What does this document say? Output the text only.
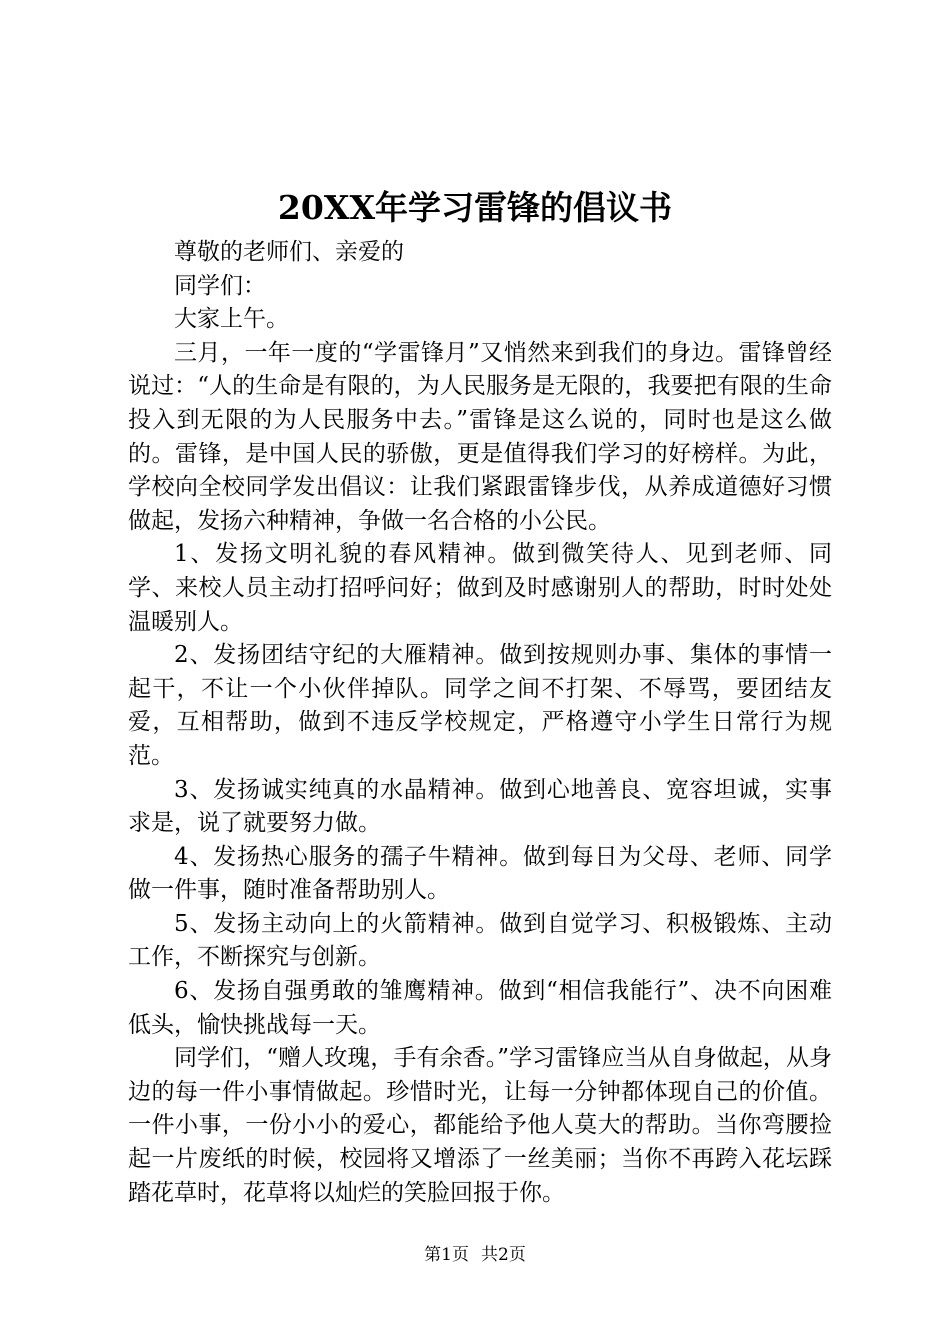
20XX年学习雷锋的倡议书

尊敬的老师们、亲爱的

同学们：

大家上午。

三月，一年一度的“学雷锋月”又悄然来到我们的身边。雷锋曾经说过：“人的生命是有限的，为人民服务是无限的，我要把有限的生命投入到无限的为人民服务中去。”雷锋是这么说的，同时也是这么做的。雷锋，是中国人民的骄傲，更是值得我们学习的好榜样。为此，学校向全校同学发出倡议：让我们紧跟雷锋步伐，从养成道德好习惯做起，发扬六种精神，争做一名合格的小公民。

1、发扬文明礼貌的春风精神。做到微笑待人、见到老师、同学、来校人员主动打招呼问好；做到及时感谢别人的帮助，时时处处温暖别人。

2、发扬团结守纪的大雁精神。做到按规则办事、集体的事情一起干，不让一个小伙伴掉队。同学之间不打架、不辱骂，要团结友爱，互相帮助，做到不违反学校规定，严格遵守小学生日常行为规范。

3、发扬诚实纯真的水晶精神。做到心地善良、宽容坦诚，实事求是，说了就要努力做。

4、发扬热心服务的孺子牛精神。做到每日为父母、老师、同学做一件事，随时准备帮助别人。

5、发扬主动向上的火箭精神。做到自觉学习、积极锻炼、主动工作，不断探究与创新。

6、发扬自强勇敢的雏鹰精神。做到“相信我能行”、决不向困难低头，愉快挑战每一天。

同学们，“赠人玫瑰，手有余香。”学习雷锋应当从自身做起，从身边的每一件小事情做起。珍惜时光，让每一分钟都体现自己的价值。一件小事，一份小小的爱心，都能给予他人莫大的帮助。当你弯腰捡起一片废纸的时候，校园将又增添了一丝美丽；当你不再跨入花坛踩踏花草时，花草将以灿烂的笑脸回报于你。

第1页 共2页
